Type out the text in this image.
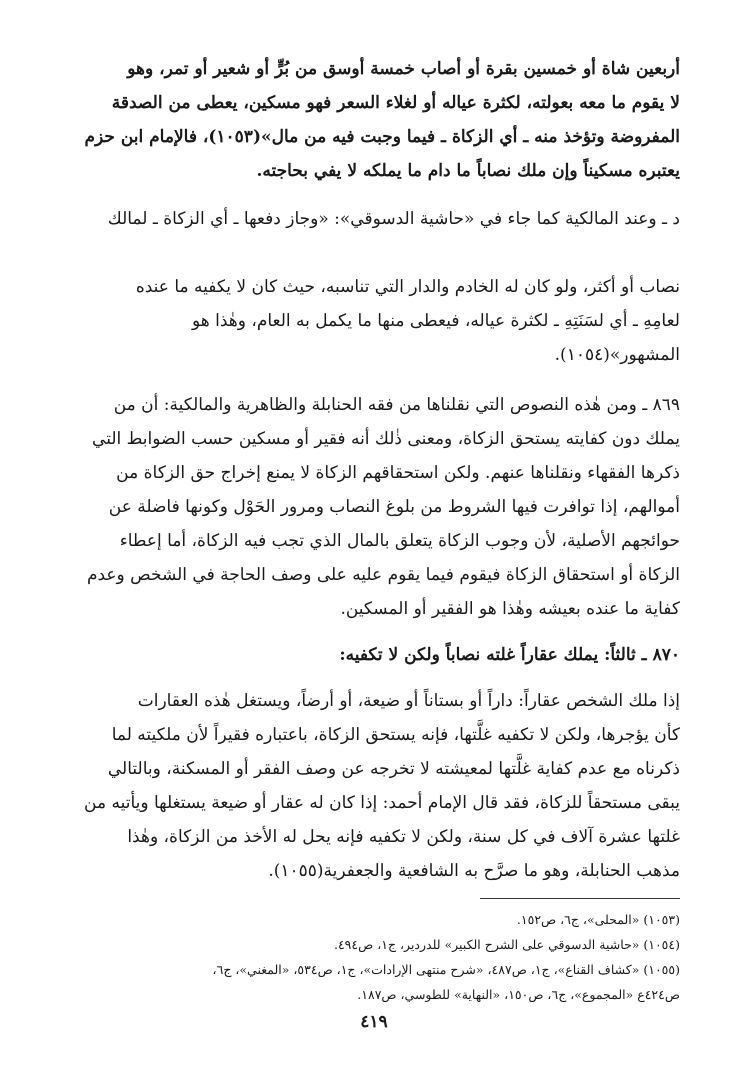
أربعين شاة أو خمسين بقرة أو أصاب خمسة أوسق من بُرٍّ أو شعير أو تمر، وهو
لا يقوم ما معه بعولته، لكثرة عياله أو لغلاء السعر فهو مسكين، يعطى من الصدقة
المفروضة وتؤخذ منه ـ أي الزكاة ـ فيما وجبت فيه من مال»(١٠٥٣)، فالإمام ابن حزم
يعتبره مسكيناً وإن ملك نصاباً ما دام ما يملكه لا يفي بحاجته.

د ـ وعند المالكية كما جاء في «حاشية الدسوقي»: «وجاز دفعها ـ أي الزكاة ـ لمالك
نصاب أو أكثر، ولو كان له الخادم والدار التي تناسبه، حيث كان لا يكفيه ما عنده
لعامِهِ ـ أي لسَنَتِهِ ـ لكثرة عياله، فيعطى منها ما يكمل به العام، وهٰذا هو
المشهور»(١٠٥٤).

٨٦٩ ـ ومن هٰذه النصوص التي نقلناها من فقه الحنابلة والظاهرية والمالكية: أن من
يملك دون كفايته يستحق الزكاة، ومعنى ذٰلك أنه فقير أو مسكين حسب الضوابط التي
ذكرها الفقهاء ونقلناها عنهم. ولكن استحقاقهم الزكاة لا يمنع إخراج حق الزكاة من
أموالهم، إذا توافرت فيها الشروط من بلوغ النصاب ومرور الحَوْل وكونها فاضلة عن
حوائجهم الأصلية، لأن وجوب الزكاة يتعلق بالمال الذي تجب فيه الزكاة، أما إعطاء
الزكاة أو استحقاق الزكاة فيقوم فيما يقوم عليه على وصف الحاجة في الشخص وعدم
كفاية ما عنده بعيشه وهٰذا هو الفقير أو المسكين.

٨٧٠ ـ ثالثاً: يملك عقاراً غلته نصاباً ولكن لا تكفيه:

إذا ملك الشخص عقاراً: داراً أو بستاناً أو ضيعة، أو أرضاً، ويستغل هٰذه العقارات
كأن يؤجرها، ولكن لا تكفيه غلَّتها، فإنه يستحق الزكاة، باعتباره فقيراً لأن ملكيته لما
ذكرناه مع عدم كفاية غلَّتها لمعيشته لا تخرجه عن وصف الفقر أو المسكنة، وبالتالي
يبقى مستحقاً للزكاة، فقد قال الإمام أحمد: إذا كان له عقار أو ضيعة يستغلها ويأتيه من
غلتها عشرة آلاف في كل سنة، ولكن لا تكفيه فإنه يحل له الأخذ من الزكاة، وهٰذا
مذهب الحنابلة، وهو ما صرَّح به الشافعية والجعفرية(١٠٥٥).

(١٠٥٣) «المحلى»، ج٦، ص١٥٢.
(١٠٥٤) «حاشية الدسوقي على الشرح الكبير» للدردير، ج١، ص٤٩٤.
(١٠٥٥) «كشاف القناع»، ج١، ص٤٨٧، «شرح منتهى الإرادات»، ج١، ص٥٣٤، «المغني»، ج٦،
ص٤٢٤ع «المجموع»، ج٦، ص١٥٠، «النهاية» للطوسي، ص١٨٧.
٤١٩
